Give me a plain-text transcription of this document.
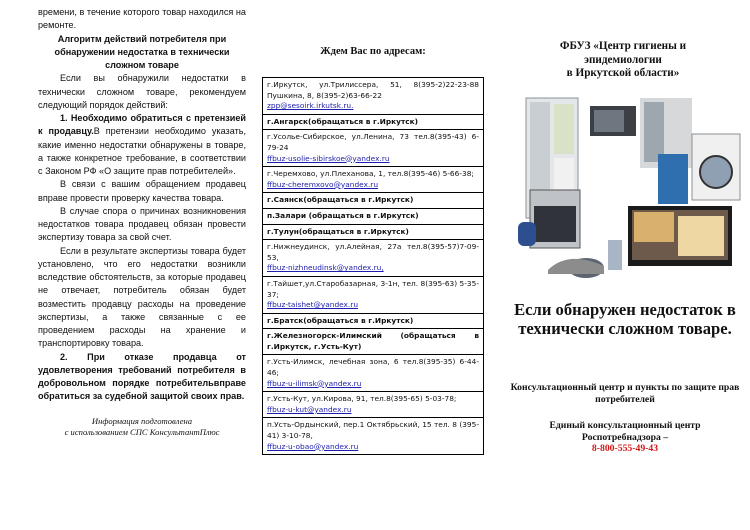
времени, в течение которого товар находился на ремонте.

Алгоритм действий потребителя при обнаружении недостатка в технически сложном товаре

Если вы обнаружили недостатки в технически сложном товаре, рекомендуем следующий порядок действий:

1. Необходимо обратиться с претензией к продавцу.В претензии необходимо указать, какие именно недостатки обнаружены в товаре, а также конкретное требование, в соответствии с Законом РФ «О защите прав потребителей».

В связи с вашим обращением продавец вправе провести проверку качества товара.

В случае спора о причинах возникновения недостатков товара продавец обязан провести экспертизу товара за свой счет.

Если в результате экспертизы товара будет установлено, что его недостатки возникли вследствие обстоятельств, за которые продавец не отвечает, потребитель обязан будет возместить продавцу расходы на проведение экспертизы, а также связанные с ее проведением расходы на хранение и транспортировку товара.

2. При отказе продавца от удовлетворения требований потребителя в добровольном порядке потребительвправе обратиться за судебной защитой своих прав.

Информация подготовлена
с использованием СПС КонсультантПлюс

Ждем Вас по адресам:
г.Иркутск, ул.Трилиссера, 51, 8(395-2)22-23-88 Пушкина, 8, 8(395-2)63-66-22
zpp@sesoirk.irkutsk.ru.
г.Ангарск(обращаться в г.Иркутск)
г.Усолье-Сибирское, ул.Ленина, 73 тел.8(395-43) 6-79-24
ffbuz-usolie-sibirskoe@yandex.ru
г.Черемхово, ул.Плеханова, 1, тел.8(395-46) 5-66-38;
ffbuz-cheremxovo@yandex.ru
г.Саянск(обращаться в г.Иркутск)
п.Залари (обращаться в г.Иркутск)
г.Тулун(обращаться в г.Иркутск)
г.Нижнеудинск, ул.Алейная, 27а тел.8(395-57)7-09-53,
ffbuz-nizhneudinsk@yandex.ru,
г.Тайшет,ул.Старобазарная, 3-1н, тел. 8(395-63) 5-35-37;
ffbuz-taishet@yandex.ru
г.Братск(обращаться в г.Иркутск)
г.Железногорск-Илимский (обращаться в г.Иркутск, г.Усть-Кут)
г.Усть-Илимск, лечебная зона, 6 тел.8(395-35) 6-44-46;
ffbuz-u-ilimsk@yandex.ru
г.Усть-Кут, ул.Кирова, 91, тел.8(395-65) 5-03-78;
ffbuz-u-kut@yandex.ru
п.Усть-Ордынский, пер.1 Октябрьский, 15 тел. 8 (395-41) 3-10-78,
ffbuz-u-obao@yandex.ru
ФБУЗ «Центр гигиены и
эпидемиологии
в Иркутской области»
Если обнаружен недостаток в технически сложном товаре.
Консультационный центр и пункты по защите прав потребителей
Единый консультационный центр
Роспотребнадзора –
8-800-555-49-43
